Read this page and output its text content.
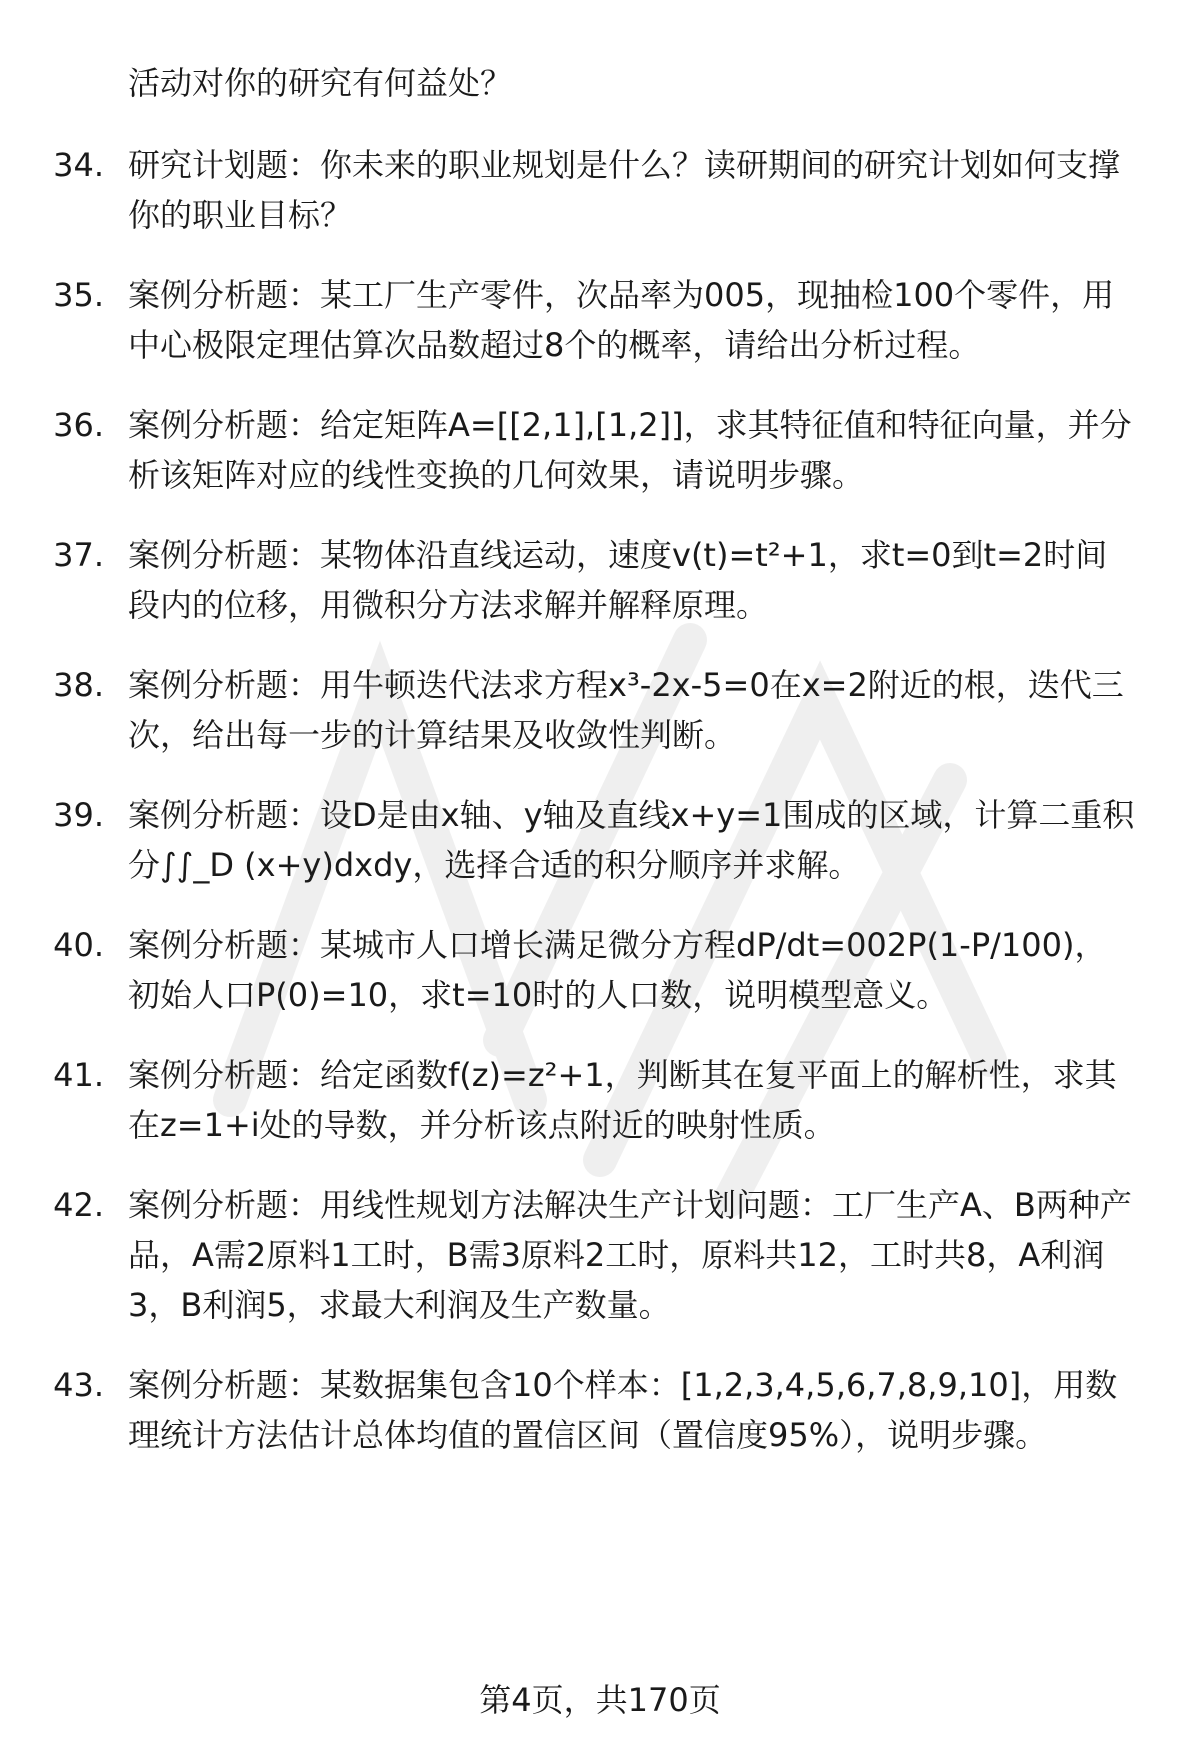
活动对你的研究有何益处？
34. 研究计划题：你未来的职业规划是什么？读研期间的研究计划如何支撑你的职业目标？
35. 案例分析题：某工厂生产零件，次品率为005，现抽检100个零件，用中心极限定理估算次品数超过8个的概率，请给出分析过程。
36. 案例分析题：给定矩阵A=[[2,1],[1,2]]，求其特征值和特征向量，并分析该矩阵对应的线性变换的几何效果，请说明步骤。
37. 案例分析题：某物体沿直线运动，速度v(t)=t²+1，求t=0到t=2时间段内的位移，用微积分方法求解并解释原理。
38. 案例分析题：用牛顿迭代法求方程x³-2x-5=0在x=2附近的根，迭代三次，给出每一步的计算结果及收敛性判断。
39. 案例分析题：设D是由x轴、y轴及直线x+y=1围成的区域，计算二重积分∫∫_D (x+y)dxdy，选择合适的积分顺序并求解。
40. 案例分析题：某城市人口增长满足微分方程dP/dt=002P(1-P/100)，初始人口P(0)=10，求t=10时的人口数，说明模型意义。
41. 案例分析题：给定函数f(z)=z²+1，判断其在复平面上的解析性，求其在z=1+i处的导数，并分析该点附近的映射性质。
42. 案例分析题：用线性规划方法解决生产计划问题：工厂生产A、B两种产品，A需2原料1工时，B需3原料2工时，原料共12，工时共8，A利润3，B利润5，求最大利润及生产数量。
43. 案例分析题：某数据集包含10个样本：[1,2,3,4,5,6,7,8,9,10]，用数理统计方法估计总体均值的置信区间（置信度95%），说明步骤。
第4页，共170页
